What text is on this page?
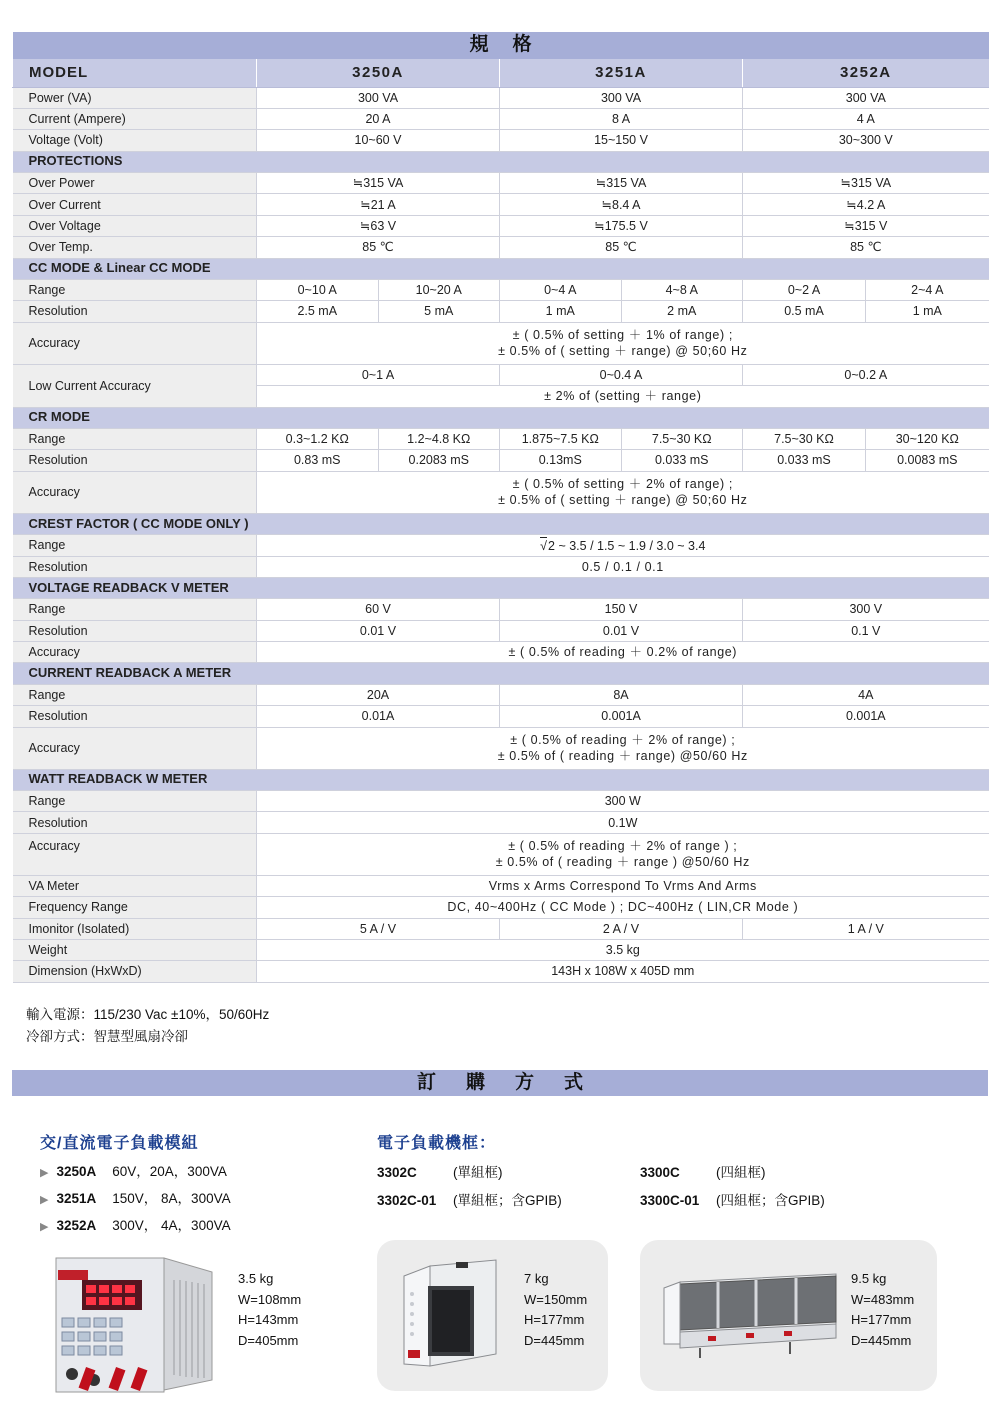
規格						
MODEL	3250A		3251A		3252A	
Power (VA)	300 VA		300 VA		300 VA	
Current (Ampere)	20 A		8 A		4 A	
Voltage (Volt)	10~60 V		15~150 V		30~300 V	
PROTECTIONS						
Over Power	≒315 VA		≒315 VA		≒315 VA	
Over Current	≒21 A		≒8.4 A		≒4.2 A	
Over Voltage	≒63 V		≒175.5 V		≒315 V	
Over Temp.	85 ℃		85 ℃		85 ℃	
CC MODE & Linear CC MODE						
Range	0~10 A	10~20 A	0~4 A	4~8 A	0~2 A	2~4 A
Resolution	2.5 mA	5 mA	1 mA	2 mA	0.5 mA	1 mA
Accuracy	± ( 0.5% of setting ＋ 1% of range) ;
± 0.5% of ( setting ＋ range) @ 50;60 Hz					

Low Current Accuracy	0~1 A		0~0.4 A		0~0.2 A	
	± 2% of (setting ＋ range)					
CR MODE						
Range	0.3~1.2 KΩ	1.2~4.8 KΩ	1.875~7.5 KΩ	7.5~30 KΩ	7.5~30 KΩ	30~120 KΩ
Resolution	0.83 mS	0.2083 mS	0.13mS	0.033 mS	0.033 mS	0.0083 mS
Accuracy	± ( 0.5% of setting ＋ 2% of range) ;
± 0.5% of ( setting ＋ range) @ 50;60 Hz					

CREST FACTOR ( CC MODE ONLY )						
Range	√2 ~ 3.5 / 1.5 ~ 1.9 / 3.0 ~ 3.4					
Resolution	0.5 / 0.1 / 0.1					
VOLTAGE READBACK V METER						
Range	60 V		150 V		300 V	
Resolution	0.01 V		0.01 V		0.1 V	
Accuracy	± ( 0.5% of reading ＋ 0.2% of range)					
CURRENT READBACK A METER						
Range	20A		8A		4A	
Resolution	0.01A		0.001A		0.001A	
Accuracy	± ( 0.5% of reading ＋ 2% of range) ;
± 0.5% of ( reading ＋ range) @50/60 Hz					

WATT READBACK W METER						
Range	300 W					
Resolution	0.1W					
Accuracy	± ( 0.5% of reading ＋ 2% of range ) ;
± 0.5% of ( reading ＋ range ) @50/60 Hz					

VA Meter	Vrms x Arms Correspond To Vrms And Arms					
Frequency Range	DC, 40~400Hz ( CC Mode ) ; DC~400Hz ( LIN,CR Mode )					
Imonitor (Isolated)	5 A / V		2 A / V		1 A / V	
Weight	3.5 kg					
Dimension (HxWxD)	143H x 108W x 405D mm					
輸入電源：115/230 Vac ±10%，50/60Hz
冷卻方式：智慧型風扇冷卻
訂購方式
交/直流電子負載模組
▶ 3250A 60V，20A，300VA
▶ 3251A 150V， 8A，300VA
▶ 3252A 300V， 4A，300VA
電子負載機框：
3302C	(單組框)	3300C	(四組框)
3302C-01 (單組框；含GPIB)	3300C-01 (四組框；含GPIB)
3.5 kg
W=108mm
H=143mm
D=405mm
7 kg
W=150mm
H=177mm
D=445mm
9.5 kg
W=483mm
H=177mm
D=445mm
